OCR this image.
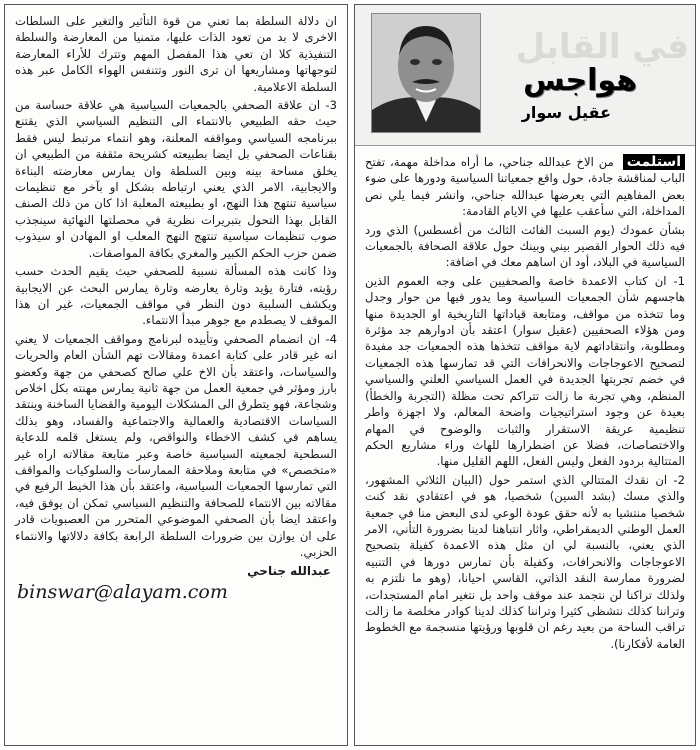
ان دلالة السلطة بما تعني من قوة التأثير والتغير على السلطات الاخرى لا بد من تعود الذات عليها، متمنيا من المعارضة والسلطة التنفيذية كلا ان تعي هذا المفصل المهم وتترك للأراء المعارضة لتوجهاتها ومشاريعها ان ترى النور وتتنفس الهواء الكامل عبر هذه السلطة الاعلامية.

3- ان علاقة الصحفي بالجمعيات السياسية هي علاقة حساسة من حيث حقه الطبيعي بالانتماء الى التنظيم السياسي الذي يقتنع ببرنامجه السياسي ومواقفه المعلنة، وهو انتماء مرتبط ليس فقط بقناعات الصحفي بل ايضا بطبيعته كشريحة مثقفة من الطبيعي ان يخلق مساحة بينه وبين السلطة وان يمارس معارضته البناءة والايجابية، الامر الذي يعني ارتباطه بشكل او بآخر مع تنظيمات سياسية تنتهج هذا النهج، او بطبيعته المعلبة اذا كان من ذلك الصنف القابل بهذا التحول بتبريرات نظرية في محصلتها النهائية سينجذب صوب تنظيمات سياسية تنتهج النهج المعلب او المهادن او سيذوب ضمن حزب الحكم الكبير والمغري بكافة المواصفات.

وذا كانت هذه المسألة نسبية للصحفي حيث يقيم الحدث حسب رؤيته، فتارة يؤيد وتارة يعارضه وتارة يمارس البحث عن الايجابية ويكشف السلبية دون النظر في مواقف الجمعيات، غير ان هذا الموقف لا يصطدم مع جوهر مبدأ الانتماء.

4- ان انضمام الصحفي وتأييده لبرنامج ومواقف الجمعيات لا يعني انه غير قادر على كتابة اعمدة ومقالات تهم الشأن العام والحريات والسياسات، واعتقد بأن الاخ علي صالح كصحفي من جهة وكعضو بارز ومؤثر في جمعية العمل من جهة ثانية يمارس مهنته بكل اخلاص وشجاعة، فهو يتطرق الى المشكلات اليومية والقضايا الساخنة وينتقد السياسات الاقتصادية والعمالية والاجتماعية والفساد، وهو بذلك يساهم في كشف الاخطاء والنواقص، ولم يستغل قلمه للدعاية السطحية لجمعيته السياسية خاصة وعبر متابعة مقالاته اراه غير «متخصص» في متابعة وملاحقة الممارسات والسلوكيات والمواقف التي تمارسها الجمعيات السياسية، واعتقد بأن هذا الخيط الرفيع في مقالاته بين الانتماء للصحافة والتنظيم السياسي تمكن ان يوفق فيه، واعتقد ايضا بأن الصحفي الموضوعي المتحرر من العصبويات قادر على ان يوازن بين ضرورات السلطة الرابعة بكافة دلالاتها والانتماء الحزبي.

عبدالله جناحي
binswar@alayam.com
في القابل
هواجس
عقيل سوار

استلمت من الاخ عبدالله جناحي، ما أراه مداخلة مهمة، تفتح الباب لمناقشة جادة، حول واقع جمعياتنا السياسية ودورها على ضوء بعض المفاهيم التي يعرضها عبدالله جناحي، وانشر فيما يلي نص المداخلة، التي سأعقب عليها في الايام القادمة:

بشأن عمودك (يوم السبت الفائت الثالث من أغسطس) الذي ورد فيه ذلك الحوار القصير بيني وبينك حول علاقة الصحافة بالجمعيات السياسية في البلاد، أود ان اساهم معك في اضافة:

1- ان كتاب الاعمدة خاصة والصحفيين على وجه العموم الذين هاجسهم شأن الجمعيات السياسية وما يدور فيها من حوار وجدل وما تتخذه من مواقف، ومتابعة قياداتها التاريخية او الجديدة منها ومن هؤلاء الصحفيين (عقيل سوار) اعتقد بأن ادوارهم جد مؤثرة ومطلوبة، وانتقاداتهم لاية مواقف تتخذها هذه الجمعيات جد مفيدة لتصحيح الاعوجاجات والانحرافات التي قد تمارسها هذه الجمعيات في خضم تجربتها الجديدة في العمل السياسي العلني والسياسي المنظم، وهي تجربة ما زالت تتراكم تحت مظلة (التجربة والخطأ) بعيدة عن وجود استراتيجيات واضحة المعالم، ولا اجهزة واطر تنظيمية عريقة الاستقرار والثبات والوضوح في المهام والاختصاصات، فضلا عن اضطرارها للهاث وراء مشاريع الحكم المتتالية بردود الفعل وليس الفعل، اللهم القليل منها.

2- ان نقدك المتتالي الذي استمر حول (البيان الثلاثي المشهور، والذي مسك (بشد السين) شخصيا، هو في اعتقادي نقد كنت شخصيا منتشيا به لأنه حقق عودة الوعي لدى البعض منا في جمعية العمل الوطني الديمقراطي، واثار انتباهنا لدينا بضرورة التأني، الامر الذي يعني، بالنسبة لي ان مثل هذه الاعمدة كفيلة بتصحيح الاعوجاجات والانحرافات، وكفيلة بأن تمارس دورها في التنبيه لضرورة ممارسة النقد الذاتي، القاسي احيانا، (وهو ما نلتزم به ولذلك تراكنا لن نتجمد عند موقف واحد بل نتغير امام المستجدات، وتراننا كذلك نتشظى كثيرا وتراننا كذلك لدينا كوادر مخلصة ما زالت تراقب الساحة من بعيد رغم ان قلوبها ورؤيتها منسجمة مع الخطوط العامة لأفكارنا).
